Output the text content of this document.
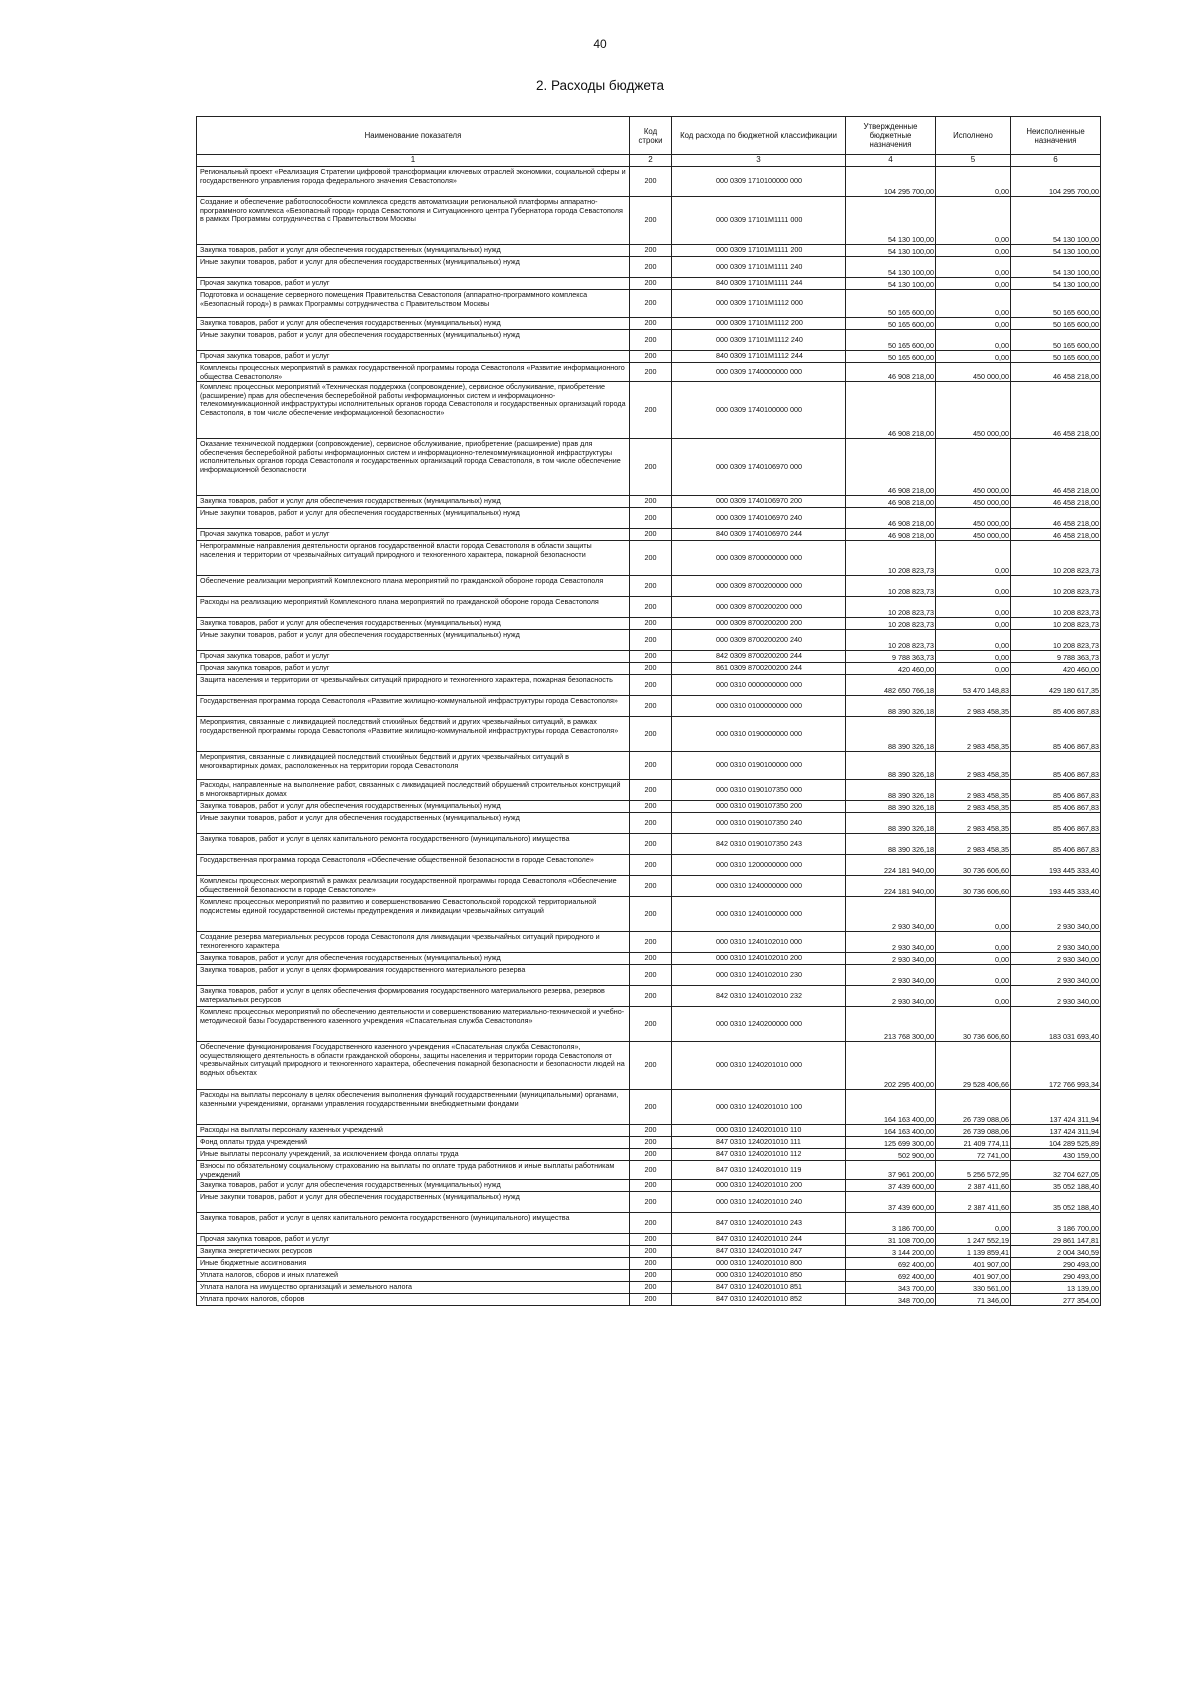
40
2. Расходы бюджета
Наименование показателя	Код строки	Код расхода по бюджетной классификации	Утвержденные бюджетные назначения	Исполнено	Неисполненные назначения
1	2	3	4	5	6
Региональный проект «Реализация Стратегии цифровой трансформации ключевых отраслей экономики, социальной сферы и государственного управления города федерального значения Севастополя»	200	000 0309 1710100000 000	104 295 700,00	0,00	104 295 700,00
Создание и обеспечение работоспособности комплекса средств автоматизации региональной платформы аппаратно-программного комплекса «Безопасный город» города Севастополя и Ситуационного центра Губернатора города Севастополя в рамках Программы сотрудничества с Правительством Москвы	200	000 0309 17101M1111 000	54 130 100,00	0,00	54 130 100,00
Закупка товаров, работ и услуг для обеспечения государственных (муниципальных) нужд	200	000 0309 17101M1111 200	54 130 100,00	0,00	54 130 100,00
Иные закупки товаров, работ и услуг для обеспечения государственных (муниципальных) нужд	200	000 0309 17101M1111 240	54 130 100,00	0,00	54 130 100,00
Прочая закупка товаров, работ и услуг	200	840 0309 17101M1111 244	54 130 100,00	0,00	54 130 100,00
Подготовка и оснащение серверного помещения Правительства Севастополя (аппаратно-программного комплекса «Безопасный город») в рамках Программы сотрудничества с Правительством Москвы	200	000 0309 17101M1112 000	50 165 600,00	0,00	50 165 600,00
Закупка товаров, работ и услуг для обеспечения государственных (муниципальных) нужд	200	000 0309 17101M1112 200	50 165 600,00	0,00	50 165 600,00
Иные закупки товаров, работ и услуг для обеспечения государственных (муниципальных) нужд	200	000 0309 17101M1112 240	50 165 600,00	0,00	50 165 600,00
Прочая закупка товаров, работ и услуг	200	840 0309 17101M1112 244	50 165 600,00	0,00	50 165 600,00
Комплексы процессных мероприятий в рамках государственной программы города Севастополя «Развитие информационного общества Севастополя»	200	000 0309 1740000000 000	46 908 218,00	450 000,00	46 458 218,00
Комплекс процессных мероприятий «Техническая поддержка (сопровождение), сервисное обслуживание, приобретение (расширение) прав для обеспечения бесперебойной работы информационных систем и информационно-телекоммуникационной инфраструктуры исполнительных органов города Севастополя и государственных организаций города Севастополя, в том числе обеспечение информационной безопасности»	200	000 0309 1740100000 000	46 908 218,00	450 000,00	46 458 218,00
Оказание технической поддержки (сопровождение), сервисное обслуживание, приобретение (расширение) прав для обеспечения бесперебойной работы информационных систем и информационно-телекоммуникационной инфраструктуры исполнительных органов города Севастополя и государственных организаций города Севастополя, в том числе обеспечение информационной безопасности	200	000 0309 1740106970 000	46 908 218,00	450 000,00	46 458 218,00
Закупка товаров, работ и услуг для обеспечения государственных (муниципальных) нужд	200	000 0309 1740106970 200	46 908 218,00	450 000,00	46 458 218,00
Иные закупки товаров, работ и услуг для обеспечения государственных (муниципальных) нужд	200	000 0309 1740106970 240	46 908 218,00	450 000,00	46 458 218,00
Прочая закупка товаров, работ и услуг	200	840 0309 1740106970 244	46 908 218,00	450 000,00	46 458 218,00
Непрограммные направления деятельности органов государственной власти города Севастополя в области защиты населения и территории от чрезвычайных ситуаций природного и техногенного характера, пожарной безопасности	200	000 0309 8700000000 000	10 208 823,73	0,00	10 208 823,73
Обеспечение реализации мероприятий Комплексного плана мероприятий по гражданской обороне города Севастополя	200	000 0309 8700200000 000	10 208 823,73	0,00	10 208 823,73
Расходы на реализацию мероприятий Комплексного плана мероприятий по гражданской обороне города Севастополя	200	000 0309 8700200200 000	10 208 823,73	0,00	10 208 823,73
Закупка товаров, работ и услуг для обеспечения государственных (муниципальных) нужд	200	000 0309 8700200200 200	10 208 823,73	0,00	10 208 823,73
Иные закупки товаров, работ и услуг для обеспечения государственных (муниципальных) нужд	200	000 0309 8700200200 240	10 208 823,73	0,00	10 208 823,73
Прочая закупка товаров, работ и услуг	200	842 0309 8700200200 244	9 788 363,73	0,00	9 788 363,73
Прочая закупка товаров, работ и услуг	200	861 0309 8700200200 244	420 460,00	0,00	420 460,00
Защита населения и территории от чрезвычайных ситуаций природного и техногенного характера, пожарная безопасность	200	000 0310 0000000000 000	482 650 766,18	53 470 148,83	429 180 617,35
Государственная программа города Севастополя «Развитие жилищно-коммунальной инфраструктуры города Севастополя»	200	000 0310 0100000000 000	88 390 326,18	2 983 458,35	85 406 867,83
Мероприятия, связанные с ликвидацией последствий стихийных бедствий и других чрезвычайных ситуаций, в рамках государственной программы города Севастополя «Развитие жилищно-коммунальной инфраструктуры города Севастополя»	200	000 0310 0190000000 000	88 390 326,18	2 983 458,35	85 406 867,83
Мероприятия, связанные с ликвидацией последствий стихийных бедствий и других чрезвычайных ситуаций в многоквартирных домах, расположенных на территории города Севастополя	200	000 0310 0190100000 000	88 390 326,18	2 983 458,35	85 406 867,83
Расходы, направленные на выполнение работ, связанных с ликвидацией последствий обрушений строительных конструкций в многоквартирных домах	200	000 0310 0190107350 000	88 390 326,18	2 983 458,35	85 406 867,83
Закупка товаров, работ и услуг для обеспечения государственных (муниципальных) нужд	200	000 0310 0190107350 200	88 390 326,18	2 983 458,35	85 406 867,83
Иные закупки товаров, работ и услуг для обеспечения государственных (муниципальных) нужд	200	000 0310 0190107350 240	88 390 326,18	2 983 458,35	85 406 867,83
Закупка товаров, работ и услуг в целях капитального ремонта государственного (муниципального) имущества	200	842 0310 0190107350 243	88 390 326,18	2 983 458,35	85 406 867,83
Государственная программа города Севастополя «Обеспечение общественной безопасности в городе Севастополе»	200	000 0310 1200000000 000	224 181 940,00	30 736 606,60	193 445 333,40
Комплексы процессных мероприятий в рамках реализации государственной программы города Севастополя «Обеспечение общественной безопасности в городе Севастополе»	200	000 0310 1240000000 000	224 181 940,00	30 736 606,60	193 445 333,40
Комплекс процессных мероприятий по развитию и совершенствованию Севастопольской городской территориальной подсистемы единой государственной системы предупреждения и ликвидации чрезвычайных ситуаций	200	000 0310 1240100000 000	2 930 340,00	0,00	2 930 340,00
Создание резерва материальных ресурсов города Севастополя для ликвидации чрезвычайных ситуаций природного и техногенного характера	200	000 0310 1240102010 000	2 930 340,00	0,00	2 930 340,00
Закупка товаров, работ и услуг для обеспечения государственных (муниципальных) нужд	200	000 0310 1240102010 200	2 930 340,00	0,00	2 930 340,00
Закупка товаров, работ и услуг в целях формирования государственного материального резерва	200	000 0310 1240102010 230	2 930 340,00	0,00	2 930 340,00
Закупка товаров, работ и услуг в целях обеспечения формирования государственного материального резерва, резервов материальных ресурсов	200	842 0310 1240102010 232	2 930 340,00	0,00	2 930 340,00
Комплекс процессных мероприятий по обеспечению деятельности и совершенствованию материально-технической и учебно-методической базы Государственного казенного учреждения «Спасательная служба Севастополя»	200	000 0310 1240200000 000	213 768 300,00	30 736 606,60	183 031 693,40
Обеспечение функционирования Государственного казенного учреждения «Спасательная служба Севастополя», осуществляющего деятельность в области гражданской обороны, защиты населения и территории города Севастополя от чрезвычайных ситуаций природного и техногенного характера, обеспечения пожарной безопасности и безопасности людей на водных объектах	200	000 0310 1240201010 000	202 295 400,00	29 528 406,66	172 766 993,34
Расходы на выплаты персоналу в целях обеспечения выполнения функций государственными (муниципальными) органами, казенными учреждениями, органами управления государственными внебюджетными фондами	200	000 0310 1240201010 100	164 163 400,00	26 739 088,06	137 424 311,94
Расходы на выплаты персоналу казенных учреждений	200	000 0310 1240201010 110	164 163 400,00	26 739 088,06	137 424 311,94
Фонд оплаты труда учреждений	200	847 0310 1240201010 111	125 699 300,00	21 409 774,11	104 289 525,89
Иные выплаты персоналу учреждений, за исключением фонда оплаты труда	200	847 0310 1240201010 112	502 900,00	72 741,00	430 159,00
Взносы по обязательному социальному страхованию на выплаты по оплате труда работников и иные выплаты работникам учреждений	200	847 0310 1240201010 119	37 961 200,00	5 256 572,95	32 704 627,05
Закупка товаров, работ и услуг для обеспечения государственных (муниципальных) нужд	200	000 0310 1240201010 200	37 439 600,00	2 387 411,60	35 052 188,40
Иные закупки товаров, работ и услуг для обеспечения государственных (муниципальных) нужд	200	000 0310 1240201010 240	37 439 600,00	2 387 411,60	35 052 188,40
Закупка товаров, работ и услуг в целях капитального ремонта государственного (муниципального) имущества	200	847 0310 1240201010 243	3 186 700,00	0,00	3 186 700,00
Прочая закупка товаров, работ и услуг	200	847 0310 1240201010 244	31 108 700,00	1 247 552,19	29 861 147,81
Закупка энергетических ресурсов	200	847 0310 1240201010 247	3 144 200,00	1 139 859,41	2 004 340,59
Иные бюджетные ассигнования	200	000 0310 1240201010 800	692 400,00	401 907,00	290 493,00
Уплата налогов, сборов и иных платежей	200	000 0310 1240201010 850	692 400,00	401 907,00	290 493,00
Уплата налога на имущество организаций и земельного налога	200	847 0310 1240201010 851	343 700,00	330 561,00	13 139,00
Уплата прочих налогов, сборов	200	847 0310 1240201010 852	348 700,00	71 346,00	277 354,00
